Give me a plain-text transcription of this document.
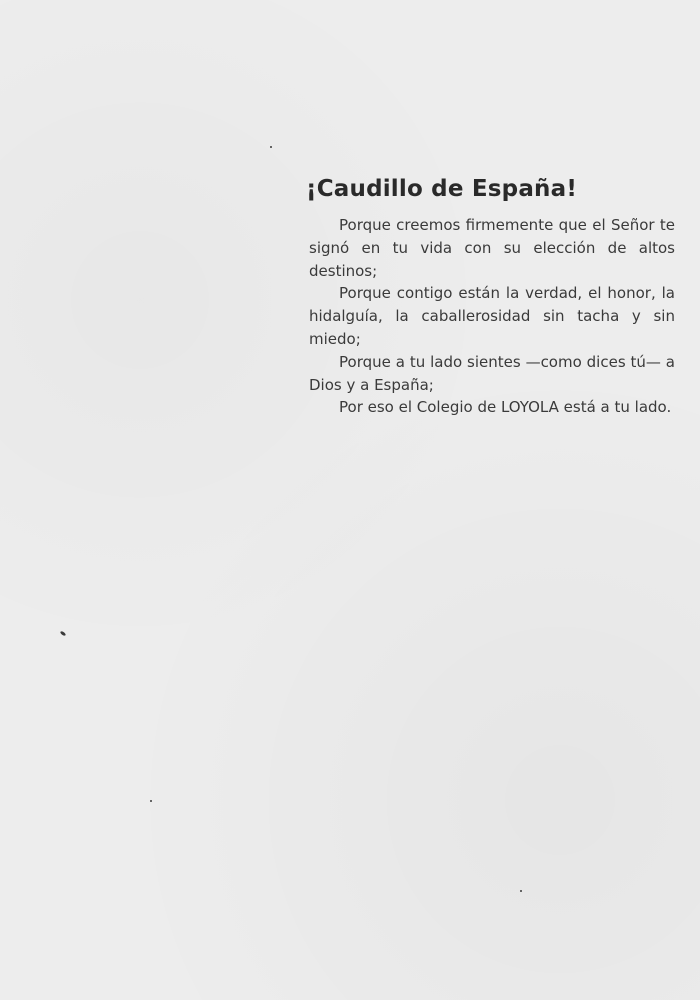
¡Caudillo de España!

Porque creemos firmemente que el Señor te signó en tu vida con su elección de altos destinos;

Porque contigo están la verdad, el honor, la hidalguía, la caballerosidad sin tacha y sin miedo;

Porque a tu lado sientes —como dices tú— a Dios y a España;

Por eso el Colegio de LOYOLA está a tu lado.
